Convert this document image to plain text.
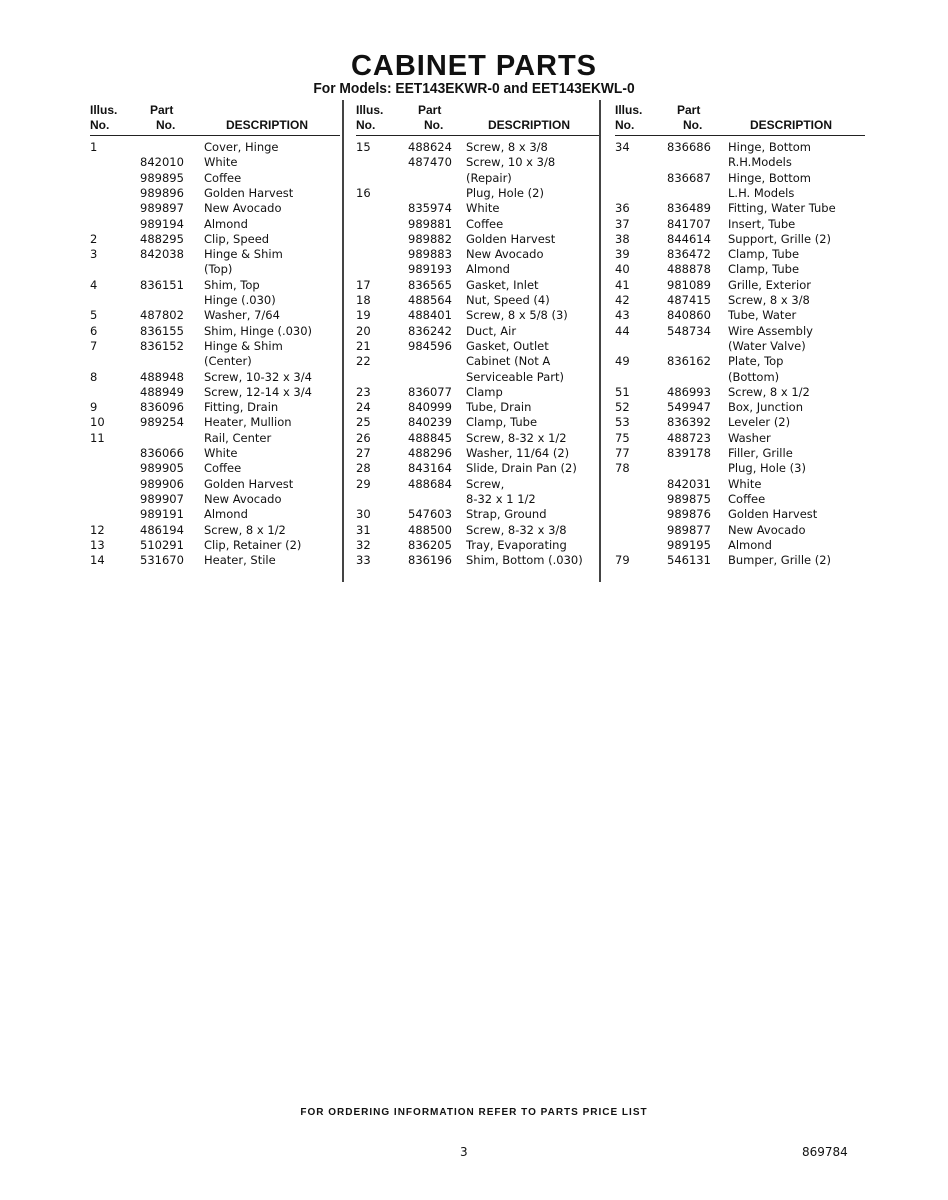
CABINET PARTS
For Models: EET143EKWR-0 and EET143EKWL-0
Illus.
No.
Part
No.	DESCRIPTION
1	Cover, Hinge
842010 White
989895 Coffee
989896 Golden Harvest
989897 New Avocado
989194 Almond
2	488295 Clip, Speed
3	842038 Hinge & Shim
(Top)
4	836151 Shim, Top
Hinge (.030)
5	487802 Washer, 7/64
6	836155 Shim, Hinge (.030)
7	836152 Hinge & Shim
(Center)
8	488948 Screw, 10-32 x 3/4
488949 Screw, 12-14 x 3/4
9	836096 Fitting, Drain
10	989254 Heater, Mullion
11	Rail, Center
836066 White
989905 Coffee
989906 Golden Harvest
989907 New Avocado
989191 Almond
12	486194 Screw, 8 x 1/2
13	510291 Clip, Retainer (2)
14	531670 Heater, Stile
Illus.
No.
Part
No.	DESCRIPTION
15	488624 Screw, 8 x 3/8
487470 Screw, 10 x 3/8
(Repair)
16	Plug, Hole (2)
835974 White
989881 Coffee
989882 Golden Harvest
989883 New Avocado
989193 Almond
17	836565 Gasket, Inlet
18	488564 Nut, Speed (4)
19	488401 Screw, 8 x 5/8 (3)
20	836242 Duct, Air
21	984596 Gasket, Outlet
22	Cabinet (Not A
Serviceable Part)
23	836077 Clamp
24	840999 Tube, Drain
25	840239 Clamp, Tube
26	488845 Screw, 8-32 x 1/2
27	488296 Washer, 11/64 (2)
28	843164 Slide, Drain Pan (2)
29	488684 Screw,
8-32 x 1 1/2
30	547603 Strap, Ground
31	488500 Screw, 8-32 x 3/8
32	836205 Tray, Evaporating
33	836196 Shim, Bottom (.030)
Illus.
No.
Part
No.	DESCRIPTION
34	836686 Hinge, Bottom
R.H.Models
836687 Hinge, Bottom
L.H. Models
36	836489 Fitting, Water Tube
37	841707 Insert, Tube
38	844614 Support, Grille (2)
39	836472 Clamp, Tube
40	488878 Clamp, Tube
41	981089 Grille, Exterior
42	487415 Screw, 8 x 3/8
43	840860 Tube, Water
44	548734 Wire Assembly
(Water Valve)
49	836162 Plate, Top
(Bottom)
51	486993 Screw, 8 x 1/2
52	549947 Box, Junction
53	836392 Leveler (2)
75	488723 Washer
77	839178 Filler, Grille
78	Plug, Hole (3)
842031 White
989875 Coffee
989876 Golden Harvest
989877 New Avocado
989195 Almond
79	546131 Bumper, Grille (2)
FOR ORDERING INFORMATION REFER TO PARTS PRICE LIST
3	869784
